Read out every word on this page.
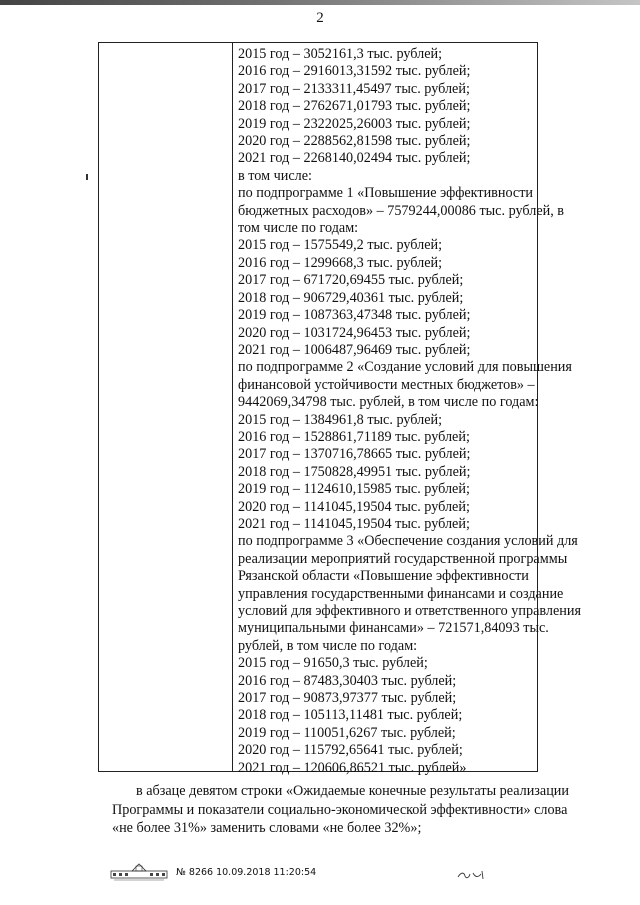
2
2015 год – 3052161,3 тыс. рублей;
2016 год – 2916013,31592 тыс. рублей;
2017 год – 2133311,45497 тыс. рублей;
2018 год – 2762671,01793 тыс. рублей;
2019 год – 2322025,26003 тыс. рублей;
2020 год – 2288562,81598 тыс. рублей;
2021 год – 2268140,02494 тыс. рублей;
в том числе:
по подпрограмме 1 «Повышение эффективности
бюджетных расходов» – 7579244,00086 тыс. рублей, в
том числе по годам:
2015 год – 1575549,2 тыс. рублей;
2016 год – 1299668,3 тыс. рублей;
2017 год – 671720,69455 тыс. рублей;
2018 год – 906729,40361 тыс. рублей;
2019 год – 1087363,47348 тыс. рублей;
2020 год – 1031724,96453 тыс. рублей;
2021 год – 1006487,96469 тыс. рублей;
по подпрограмме 2 «Создание условий для повышения
финансовой устойчивости местных бюджетов» –
9442069,34798 тыс. рублей, в том числе по годам:
2015 год – 1384961,8 тыс. рублей;
2016 год – 1528861,71189 тыс. рублей;
2017 год – 1370716,78665 тыс. рублей;
2018 год – 1750828,49951 тыс. рублей;
2019 год – 1124610,15985 тыс. рублей;
2020 год – 1141045,19504 тыс. рублей;
2021 год – 1141045,19504 тыс. рублей;
по подпрограмме 3 «Обеспечение создания условий для
реализации мероприятий государственной программы
Рязанской области «Повышение эффективности
управления государственными финансами и создание
условий для эффективного и ответственного управления
муниципальными финансами» – 721571,84093 тыс.
рублей, в том числе по годам:
2015 год – 91650,3 тыс. рублей;
2016 год – 87483,30403 тыс. рублей;
2017 год – 90873,97377 тыс. рублей;
2018 год – 105113,11481 тыс. рублей;
2019 год – 110051,6267 тыс. рублей;
2020 год – 115792,65641 тыс. рублей;
2021 год – 120606,86521 тыс. рублей»
в абзаце девятом строки «Ожидаемые конечные результаты реализации
Программы и показатели социально-экономической эффективности» слова
«не более 31%» заменить словами «не более 32%»;
№ 8266 10.09.2018 11:20:54
